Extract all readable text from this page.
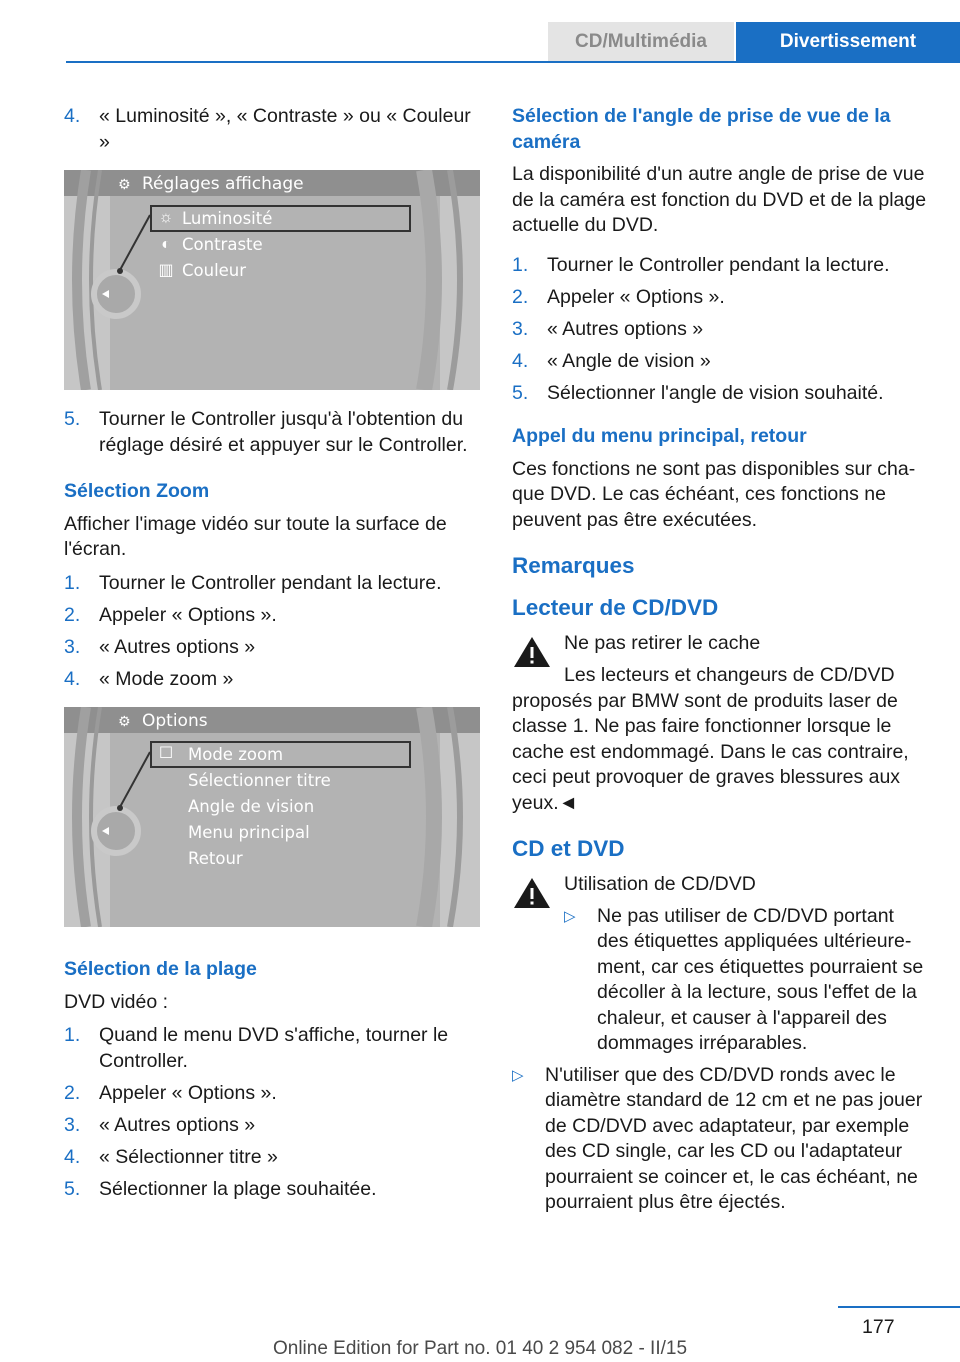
CD/Multimédia	Divertissement
4. « Luminosité », « Contraste » ou « Couleur »
⚙ Réglages affichage
☼ Luminosité
◐ Contraste
▥ Couleur
5. Tourner le Controller jusqu'à l'obtention du réglage désiré et appuyer sur le Controller.
Sélection Zoom
Afficher l'image vidéo sur toute la surface de l'écran.
1. Tourner le Controller pendant la lecture.
2. Appeler « Options ».
3. « Autres options »
4. « Mode zoom »
⚙ Options
☐ Mode zoom
Sélectionner titre
Angle de vision
Menu principal
Retour
Sélection de la plage
DVD vidéo :
1. Quand le menu DVD s'affiche, tourner le Controller.
2. Appeler « Options ».
3. « Autres options »
4. « Sélectionner titre »
5. Sélectionner la plage souhaitée.
Sélection de l'angle de prise de vue de la caméra
La disponibilité d'un autre angle de prise de vue de la caméra est fonction du DVD et de la plage actuelle du DVD.
1. Tourner le Controller pendant la lecture.
2. Appeler « Options ».
3. « Autres options »
4. « Angle de vision »
5. Sélectionner l'angle de vision souhaité.
Appel du menu principal, retour
Ces fonctions ne sont pas disponibles sur cha-que DVD. Le cas échéant, ces fonctions ne peuvent pas être exécutées.
Remarques
Lecteur de CD/DVD
Ne pas retirer le cache
Les lecteurs et changeurs de CD/DVD proposés par BMW sont de produits laser de classe 1. Ne pas faire fonctionner lorsque le cache est endommagé. Dans le cas contraire, ceci peut provoquer de graves blessures aux yeux.◄
CD et DVD
Utilisation de CD/DVD
▷	Ne pas utiliser de CD/DVD portant des étiquettes appliquées ultérieure-ment, car ces étiquettes pourraient se décoller à la lecture, sous l'effet de la chaleur, et causer à l'appareil des dommages irréparables.
▷	N'utiliser que des CD/DVD ronds avec le diamètre standard de 12 cm et ne pas jouer de CD/DVD avec adaptateur, par exemple des CD single, car les CD ou l'adaptateur pourraient se coincer et, le cas échéant, ne pourraient plus être éjectés.
177
Online Edition for Part no. 01 40 2 954 082 - II/15
